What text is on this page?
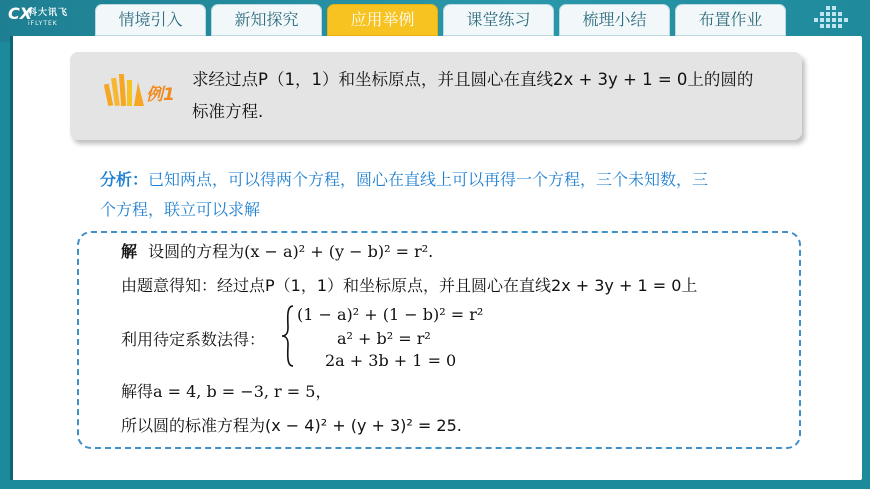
CX
科大讯飞
iFLYTEK	情境引入	新知探究	应用举例	课堂练习	梳理小结	布置作业
例1
求经过点P（1，1）和坐标原点，并且圆心在直线2x + 3y + 1 = 0上的圆的
标准方程.
分析：已知两点，可以得两个方程，圆心在直线上可以再得一个方程，三个未知数，三
个方程，联立可以求解
解 设圆的方程为(x − a)² + (y − b)² = r².
由题意得知：经过点P（1，1）和坐标原点，并且圆心在直线2x + 3y + 1 = 0上
利用待定系数法得：
(1 − a)² + (1 − b)² = r²
a² + b² = r²
2a + 3b + 1 = 0
解得a = 4, b = −3, r = 5，
所以圆的标准方程为(x − 4)² + (y + 3)² = 25.
